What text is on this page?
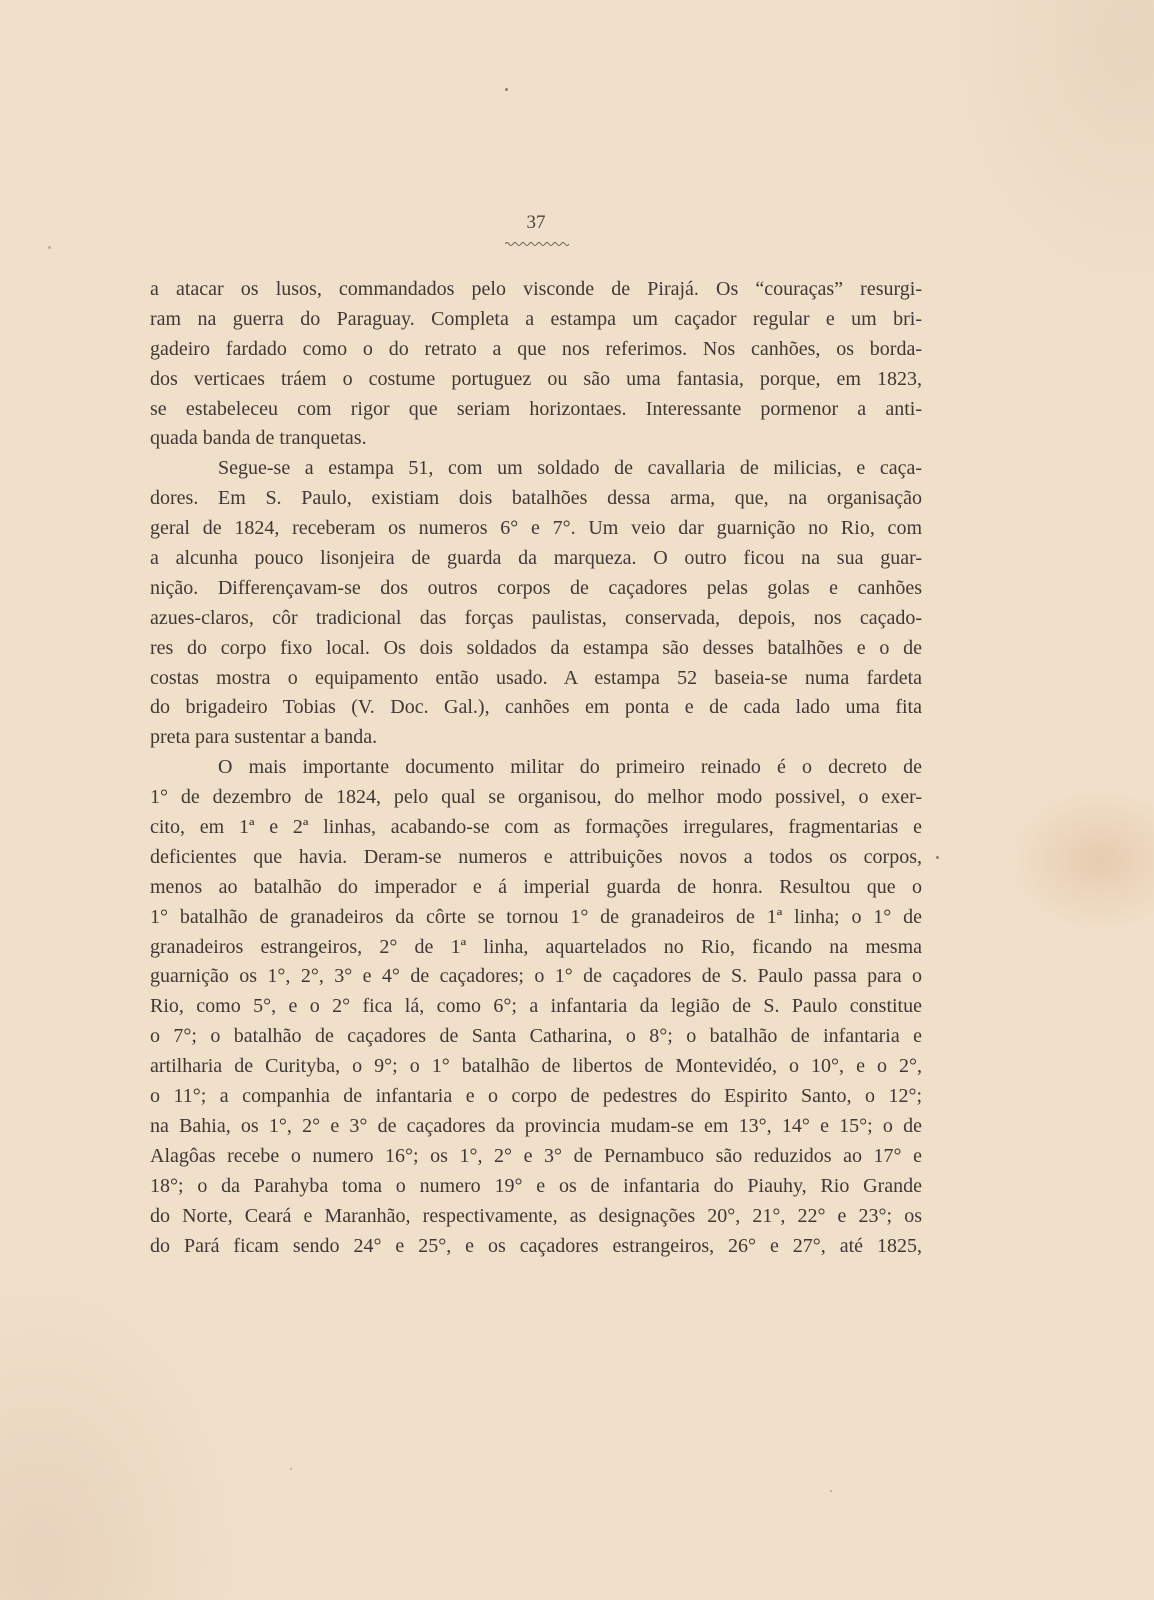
37
a atacar os lusos, commandados pelo visconde de Pirajá. Os “couraças” resurgi-
ram na guerra do Paraguay. Completa a estampa um caçador regular e um bri-
gadeiro fardado como o do retrato a que nos referimos. Nos canhões, os borda-
dos verticaes tráem o costume portuguez ou são uma fantasia, porque, em 1823,
se estabeleceu com rigor que seriam horizontaes. Interessante pormenor a anti-
quada banda de tranquetas.
Segue-se a estampa 51, com um soldado de cavallaria de milicias, e caça-
dores. Em S. Paulo, existiam dois batalhões dessa arma, que, na organisação
geral de 1824, receberam os numeros 6° e 7°. Um veio dar guarnição no Rio, com
a alcunha pouco lisonjeira de guarda da marqueza. O outro ficou na sua guar-
nição. Differençavam-se dos outros corpos de caçadores pelas golas e canhões
azues-claros, côr tradicional das forças paulistas, conservada, depois, nos caçado-
res do corpo fixo local. Os dois soldados da estampa são desses batalhões e o de
costas mostra o equipamento então usado. A estampa 52 baseia-se numa fardeta
do brigadeiro Tobias (V. Doc. Gal.), canhões em ponta e de cada lado uma fita
preta para sustentar a banda.
O mais importante documento militar do primeiro reinado é o decreto de
1° de dezembro de 1824, pelo qual se organisou, do melhor modo possivel, o exer-
cito, em 1ª e 2ª linhas, acabando-se com as formações irregulares, fragmentarias e
deficientes que havia. Deram-se numeros e attribuições novos a todos os corpos,
menos ao batalhão do imperador e á imperial guarda de honra. Resultou que o
1° batalhão de granadeiros da côrte se tornou 1° de granadeiros de 1ª linha; o 1° de
granadeiros estrangeiros, 2° de 1ª linha, aquartelados no Rio, ficando na mesma
guarnição os 1°, 2°, 3° e 4° de caçadores; o 1° de caçadores de S. Paulo passa para o
Rio, como 5°, e o 2° fica lá, como 6°; a infantaria da legião de S. Paulo constitue
o 7°; o batalhão de caçadores de Santa Catharina, o 8°; o batalhão de infantaria e
artilharia de Curityba, o 9°; o 1° batalhão de libertos de Montevidéo, o 10°, e o 2°,
o 11°; a companhia de infantaria e o corpo de pedestres do Espirito Santo, o 12°;
na Bahia, os 1°, 2° e 3° de caçadores da provincia mudam-se em 13°, 14° e 15°; o de
Alagôas recebe o numero 16°; os 1°, 2° e 3° de Pernambuco são reduzidos ao 17° e
18°; o da Parahyba toma o numero 19° e os de infantaria do Piauhy, Rio Grande
do Norte, Ceará e Maranhão, respectivamente, as designações 20°, 21°, 22° e 23°; os
do Pará ficam sendo 24° e 25°, e os caçadores estrangeiros, 26° e 27°, até 1825,
